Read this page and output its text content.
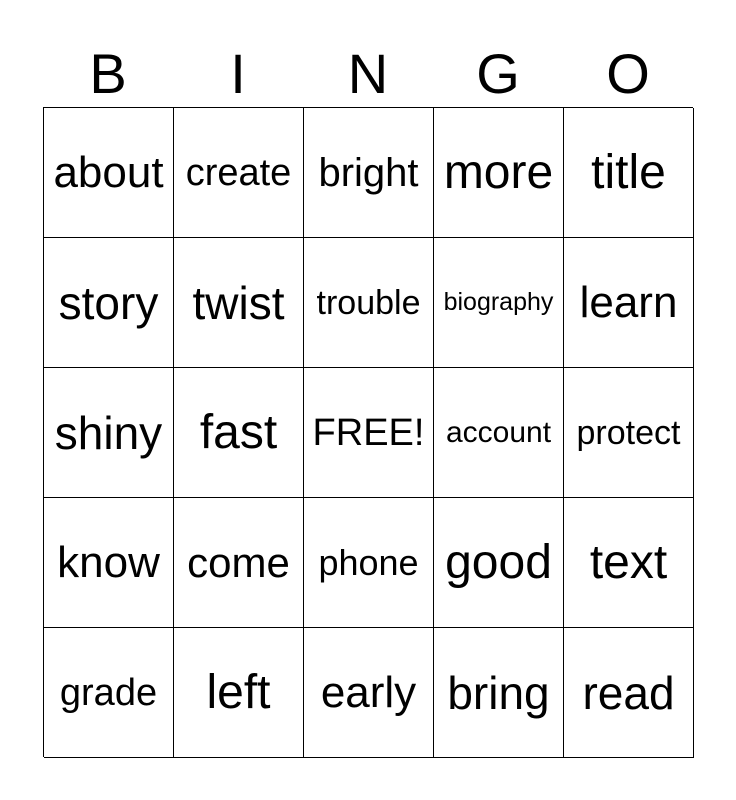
B	I	N	G	O
about create bright more title
story twist trouble biography learn
shiny fast FREE! account protect
know come phone good text
grade	left	early bring read
